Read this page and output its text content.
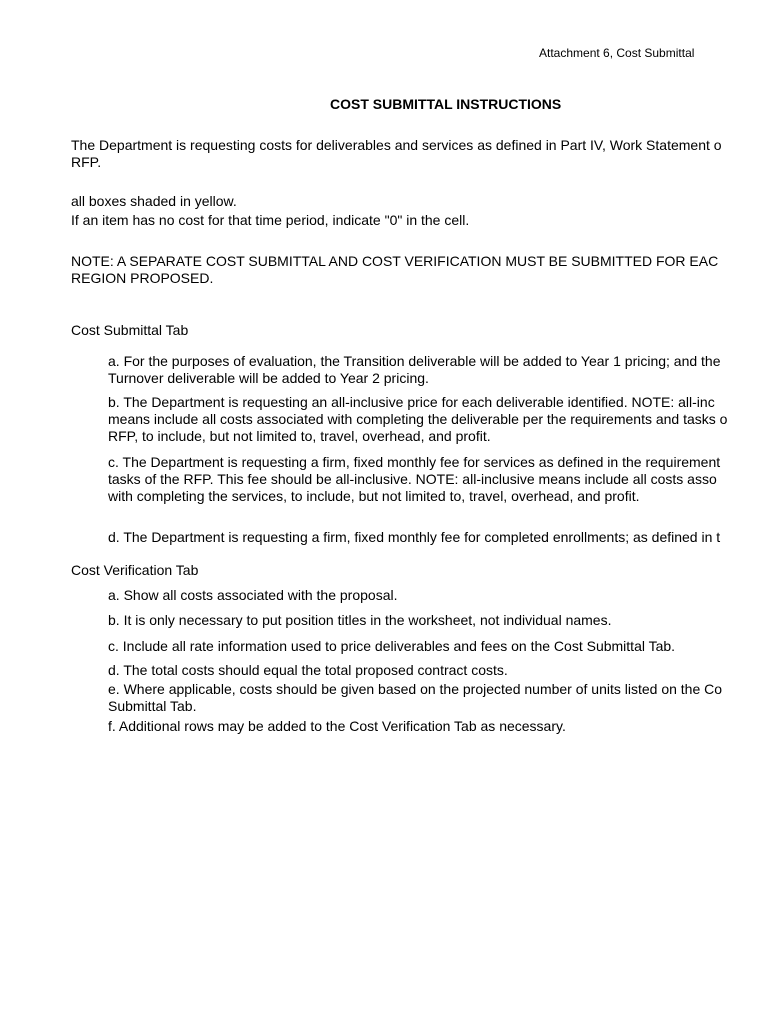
Attachment 6, Cost Submittal
COST SUBMITTAL INSTRUCTIONS
The Department is requesting costs for deliverables and services as defined in Part IV, Work Statement o
RFP.
all boxes shaded in yellow.
If an item has no cost for that time period, indicate "0" in the cell.
NOTE: A SEPARATE COST SUBMITTAL AND COST VERIFICATION MUST BE SUBMITTED FOR EAC
REGION PROPOSED.
Cost Submittal Tab
a. For the purposes of evaluation, the Transition deliverable will be added to Year 1 pricing; and the
Turnover deliverable will be added to Year 2 pricing.
b. The Department is requesting an all-inclusive price for each deliverable identified. NOTE: all-inc
means include all costs associated with completing the deliverable per the requirements and tasks o
RFP, to include, but not limited to, travel, overhead, and profit.
c. The Department is requesting a firm, fixed monthly fee for services as defined in the requirement
tasks of the RFP. This fee should be all-inclusive. NOTE: all-inclusive means include all costs asso
with completing the services, to include, but not limited to, travel, overhead, and profit.
d. The Department is requesting a firm, fixed monthly fee for completed enrollments; as defined in t
Cost Verification Tab
a. Show all costs associated with the proposal.
b. It is only necessary to put position titles in the worksheet, not individual names.
c. Include all rate information used to price deliverables and fees on the Cost Submittal Tab.
d. The total costs should equal the total proposed contract costs.
e. Where applicable, costs should be given based on the projected number of units listed on the Co
Submittal Tab.
f. Additional rows may be added to the Cost Verification Tab as necessary.
